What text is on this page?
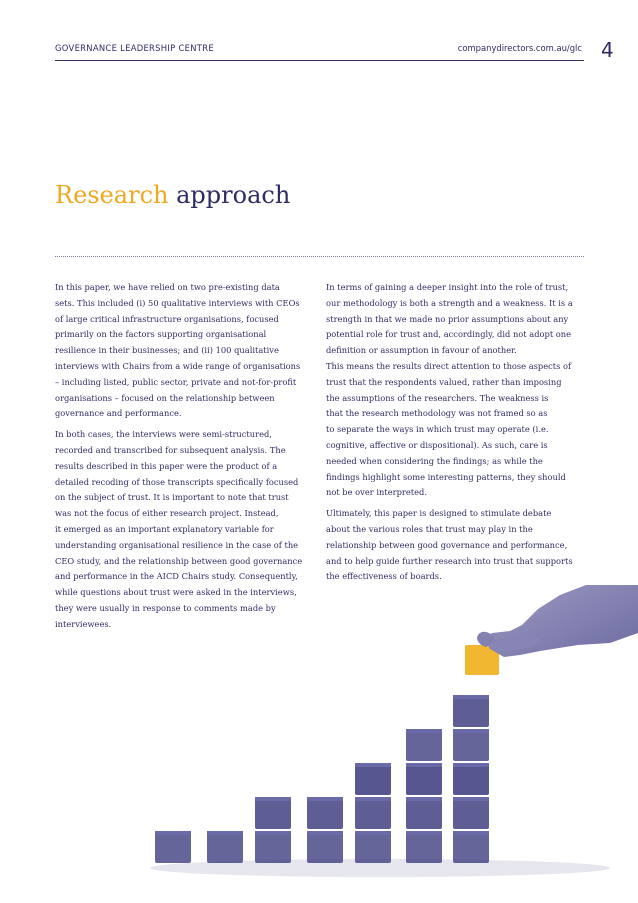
GOVERNANCE LEADERSHIP CENTRE	companydirectors.com.au/glc 4
Research approach

In this paper, we have relied on two pre-existing data
sets. This included (i) 50 qualitative interviews with CEOs
of large critical infrastructure organisations, focused
primarily on the factors supporting organisational
resilience in their businesses; and (ii) 100 qualitative
interviews with Chairs from a wide range of organisations
– including listed, public sector, private and not-for-profit
organisations – focused on the relationship between
governance and performance.

In both cases, the interviews were semi-structured,
recorded and transcribed for subsequent analysis. The
results described in this paper were the product of a
detailed recoding of those transcripts specifically focused
on the subject of trust. It is important to note that trust
was not the focus of either research project. Instead,
it emerged as an important explanatory variable for
understanding organisational resilience in the case of the
CEO study, and the relationship between good governance
and performance in the AICD Chairs study. Consequently,
while questions about trust were asked in the interviews,
they were usually in response to comments made by
interviewees.

In terms of gaining a deeper insight into the role of trust,
our methodology is both a strength and a weakness. It is a
strength in that we made no prior assumptions about any
potential role for trust and, accordingly, did not adopt one
definition or assumption in favour of another.
This means the results direct attention to those aspects of
trust that the respondents valued, rather than imposing
the assumptions of the researchers. The weakness is
that the research methodology was not framed so as
to separate the ways in which trust may operate (i.e.
cognitive, affective or dispositional). As such, care is
needed when considering the findings; as while the
findings highlight some interesting patterns, they should
not be over interpreted.

Ultimately, this paper is designed to stimulate debate
about the various roles that trust may play in the
relationship between good governance and performance,
and to help guide further research into trust that supports
the effectiveness of boards.
